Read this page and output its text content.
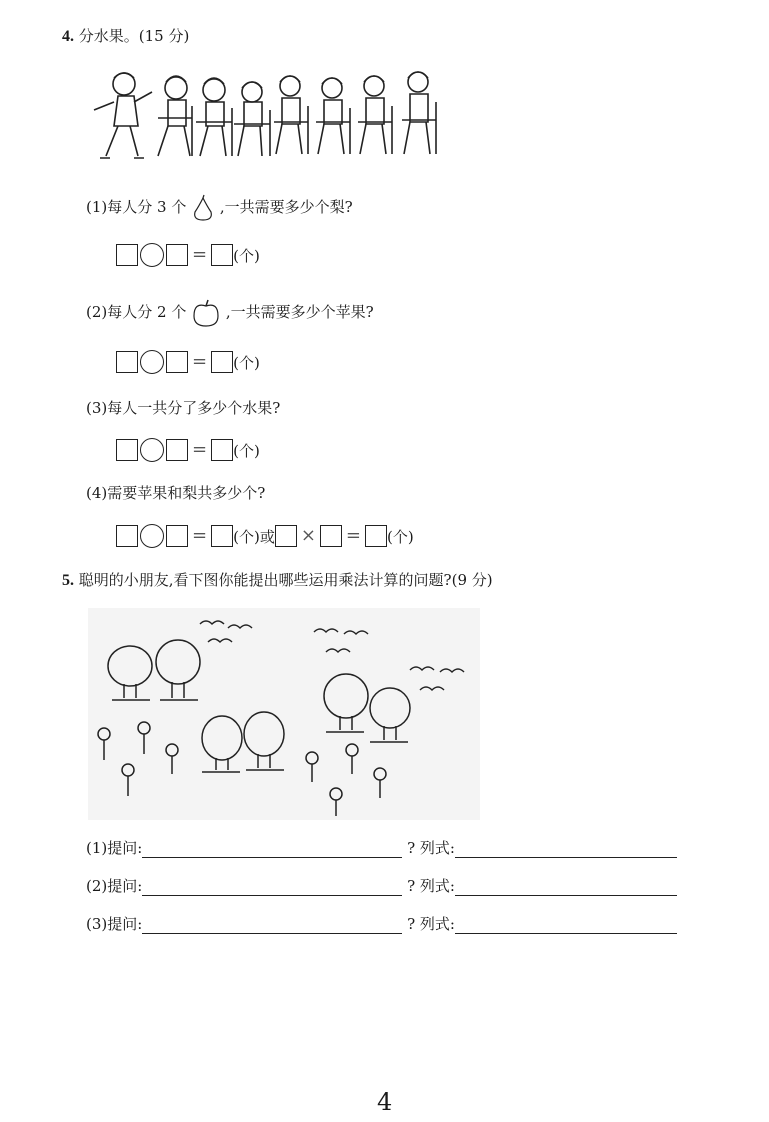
4. 分水果。(15 分)
(1)每人分 3 个 ,一共需要多少个梨?
= (个)
(2)每人分 2 个	,一共需要多少个苹果?
= (个)
(3)每人一共分了多少个水果?
= (个)
(4)需要苹果和梨共多少个?
= (个) 或 × = (个)
5. 聪明的小朋友,看下图你能提出哪些运用乘法计算的问题?(9 分)
(1)提问:	? 列式:
(2)提问:	? 列式:
(3)提问:	? 列式:
4
